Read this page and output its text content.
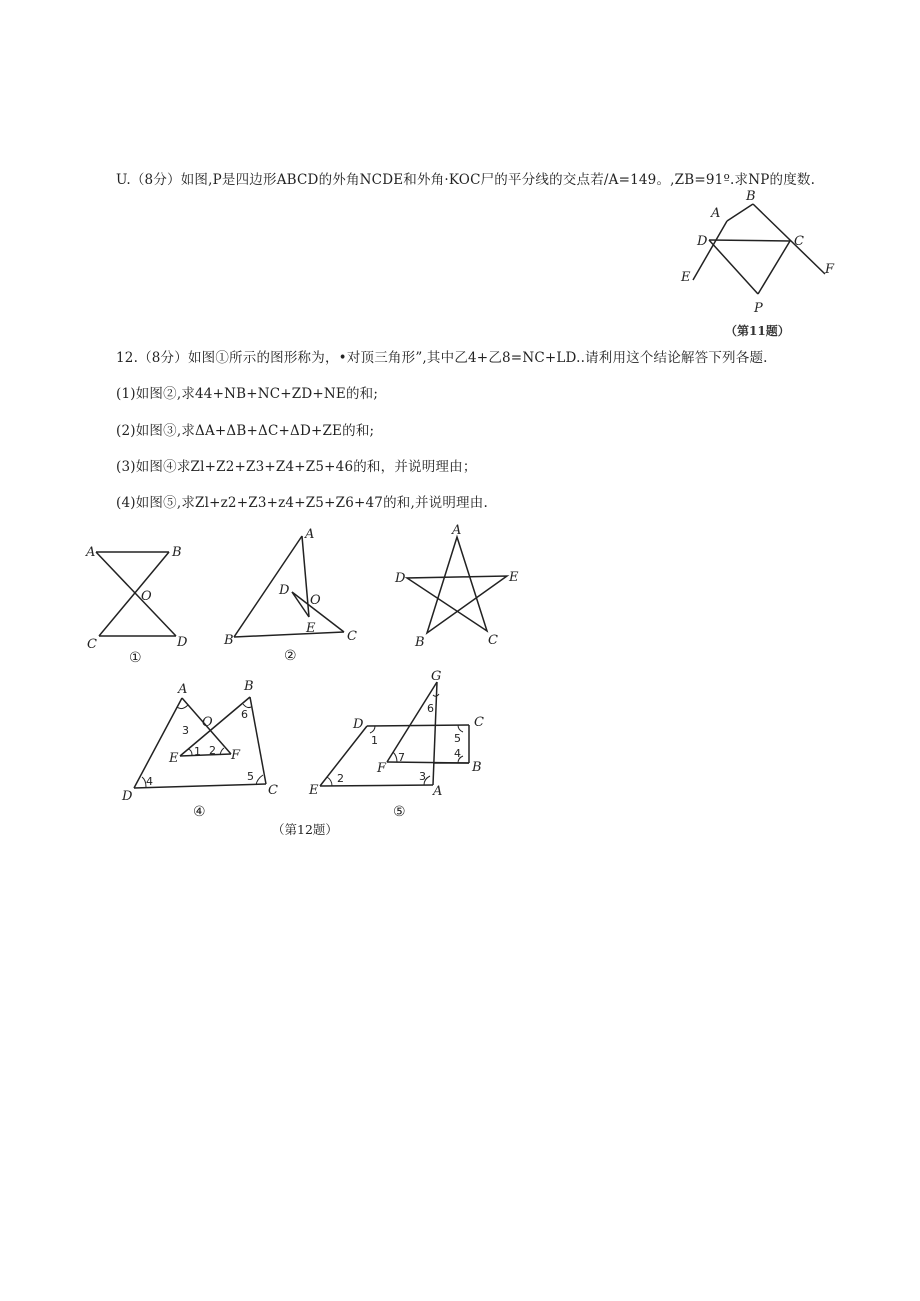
U.（8分）如图,P是四边形ABCD的外角NCDE和外角·KOC尸的平分线的交点若/A=149。,ZB=91º.求NP的度数.
B
A
D	C
F
E
P
（第11题）
12.（8分）如图①所示的图形称为，•对顶三角形”,其中乙4+乙8=NC+LD..请利用这个结论解答下列各题.
(1)如图②,求44+NB+NC+ZD+NE的和;
(2)如图③,求ΔA+ΔB+ΔC+ΔD+ZE的和;
(3)如图④求Zl+Z2+Z3+Z4+Z5+46的和，并说明理由；
(4)如图⑤,求Zl+z2+Z3+z4+Z5+Z6+47的和,并说明理由.
A	B
O
C	D
①
A
D
O
E
B	C
②
A
D	E
B	C
A	B
O
3
6
1 2
E	F
4	5
D	C
④
G
6
D	C
1	5
4
7
F	B
2	3
E	A
⑤
（第12题）
